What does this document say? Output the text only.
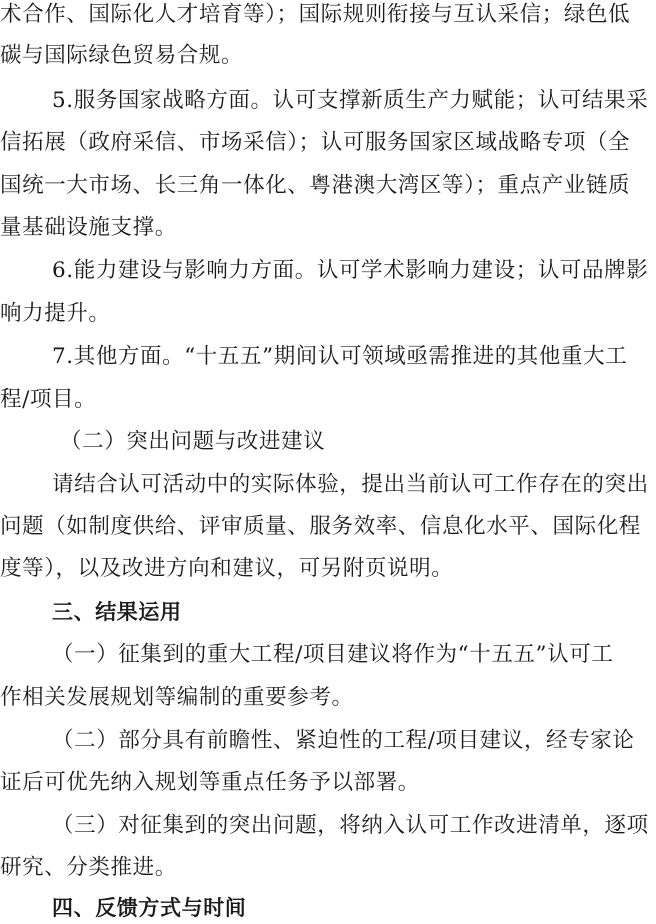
术合作、国际化人才培育等）；国际规则衔接与互认采信；绿色低
碳与国际绿色贸易合规。
5.服务国家战略方面。认可支撑新质生产力赋能；认可结果采
信拓展（政府采信、市场采信）；认可服务国家区域战略专项（全
国统一大市场、长三角一体化、粤港澳大湾区等）；重点产业链质
量基础设施支撑。
6.能力建设与影响力方面。认可学术影响力建设；认可品牌影
响力提升。
7.其他方面。“十五五”期间认可领域亟需推进的其他重大工
程/项目。
（二）突出问题与改进建议
请结合认可活动中的实际体验，提出当前认可工作存在的突出
问题（如制度供给、评审质量、服务效率、信息化水平、国际化程
度等），以及改进方向和建议，可另附页说明。
三、结果运用
（一）征集到的重大工程/项目建议将作为“十五五”认可工
作相关发展规划等编制的重要参考。
（二）部分具有前瞻性、紧迫性的工程/项目建议，经专家论
证后可优先纳入规划等重点任务予以部署。
（三）对征集到的突出问题，将纳入认可工作改进清单，逐项
研究、分类推进。
四、反馈方式与时间
